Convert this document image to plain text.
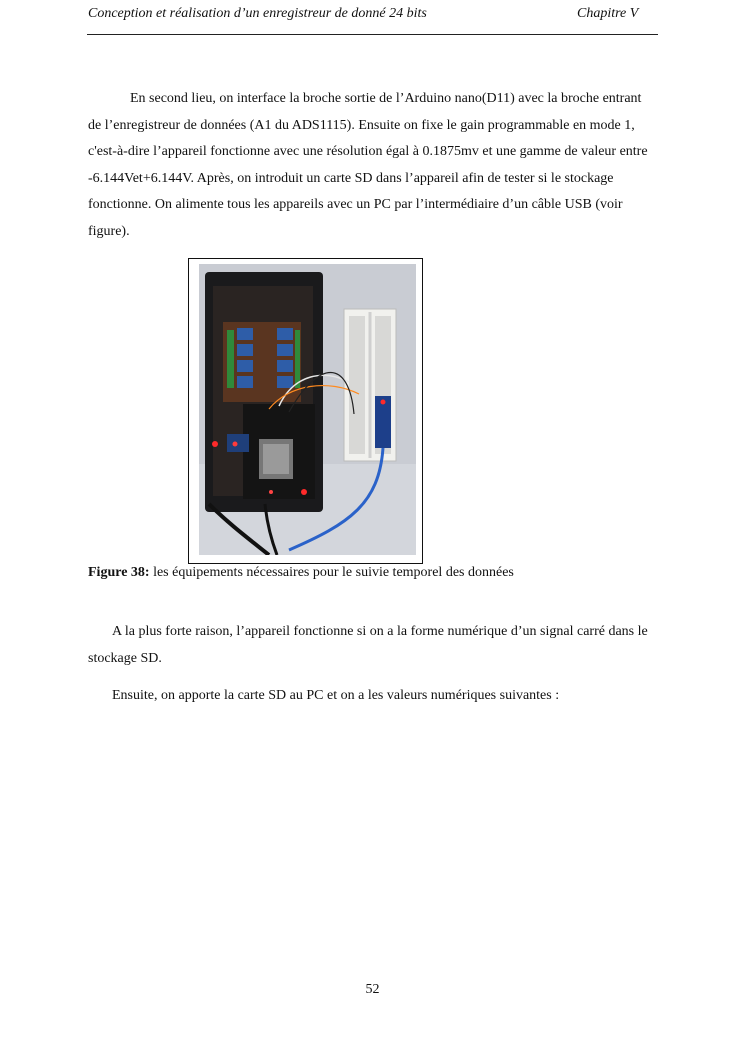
Conception et réalisation d’un enregistreur de donné 24 bits	Chapitre V

En second lieu, on interface la broche sortie de l’Arduino nano(D11) avec la broche entrant de l’enregistreur de données (A1 du ADS1115). Ensuite on fixe le gain programmable en mode 1, c'est-à-dire l’appareil fonctionne avec une résolution égal à 0.1875mv et une gamme de valeur entre -6.144Vet+6.144V. Après, on introduit un carte SD dans l’appareil afin de tester si le stockage fonctionne. On alimente tous les appareils avec un PC par l’intermédiaire d’un câble USB (voir figure).

Figure 38: les équipements nécessaires pour le suivie temporel des données

A la plus forte raison, l’appareil fonctionne si on a la forme numérique d’un signal carré dans le stockage SD.

Ensuite, on apporte la carte SD au PC et on a les valeurs numériques suivantes :

52
